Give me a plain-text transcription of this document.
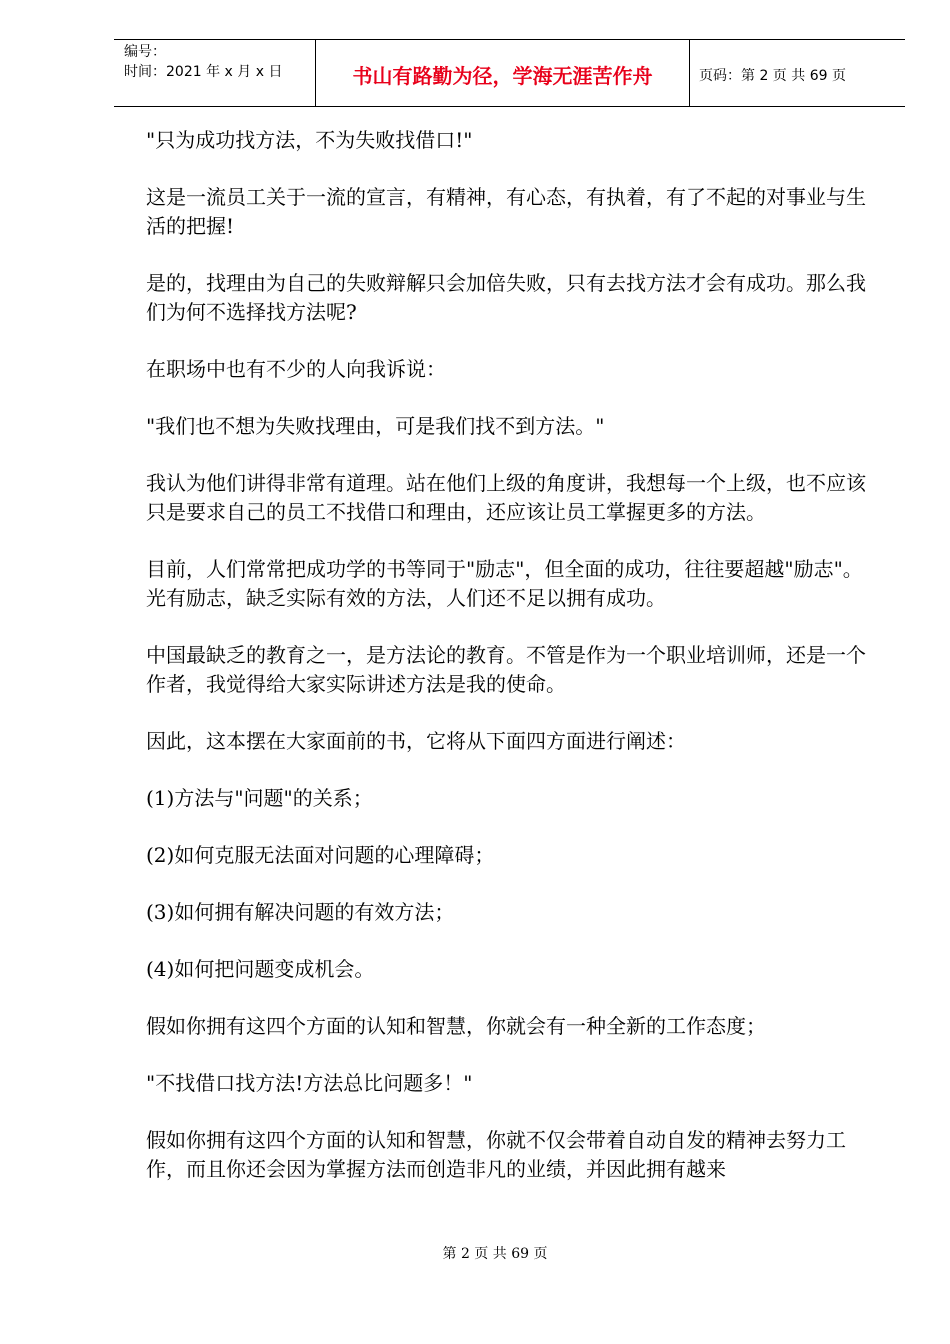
编号：
时间：2021 年 x 月 x 日	书山有路勤为径，学海无涯苦作舟	页码：第 2 页 共 69 页

"只为成功找方法，不为失败找借口!"

这是一流员工关于一流的宣言，有精神，有心态，有执着，有了不起的对事业与生活的把握!

是的，找理由为自己的失败辩解只会加倍失败，只有去找方法才会有成功。那么我们为何不选择找方法呢?

在职场中也有不少的人向我诉说：

"我们也不想为失败找理由，可是我们找不到方法。"

我认为他们讲得非常有道理。站在他们上级的角度讲，我想每一个上级，也不应该只是要求自己的员工不找借口和理由，还应该让员工掌握更多的方法。

目前，人们常常把成功学的书等同于"励志"，但全面的成功，往往要超越"励志"。光有励志，缺乏实际有效的方法，人们还不足以拥有成功。

中国最缺乏的教育之一，是方法论的教育。不管是作为一个职业培训师，还是一个作者，我觉得给大家实际讲述方法是我的使命。

因此，这本摆在大家面前的书，它将从下面四方面进行阐述：

(1)方法与"问题"的关系；

(2)如何克服无法面对问题的心理障碍；

(3)如何拥有解决问题的有效方法；

(4)如何把问题变成机会。

假如你拥有这四个方面的认知和智慧，你就会有一种全新的工作态度；

"不找借口找方法!方法总比问题多！"

假如你拥有这四个方面的认知和智慧，你就不仅会带着自动自发的精神去努力工作，而且你还会因为掌握方法而创造非凡的业绩，并因此拥有越来

第 2 页 共 69 页
